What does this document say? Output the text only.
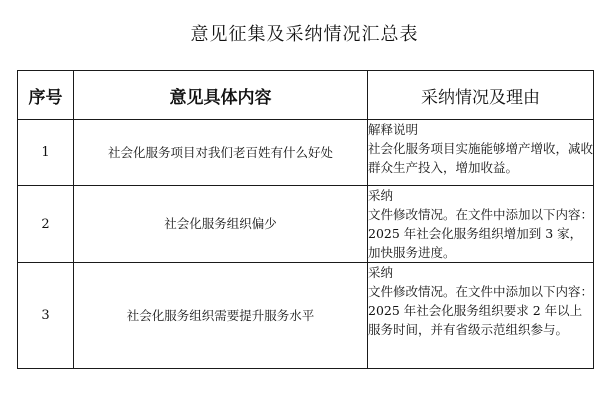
意见征集及采纳情况汇总表
序号	意见具体内容	采纳情况及理由
1	社会化服务项目对我们老百姓有什么好处	解释说明
社会化服务项目实施能够增产增收，减收群众生产投入，增加收益。

2	社会化服务组织偏少	采纳
文件修改情况。在文件中添加以下内容：2025 年社会化服务组织增加到 3 家，加快服务进度。

3	社会化服务组织需要提升服务水平	采纳
文件修改情况。在文件中添加以下内容：2025 年社会化服务组织要求 2 年以上服务时间，并有省级示范组织参与。
